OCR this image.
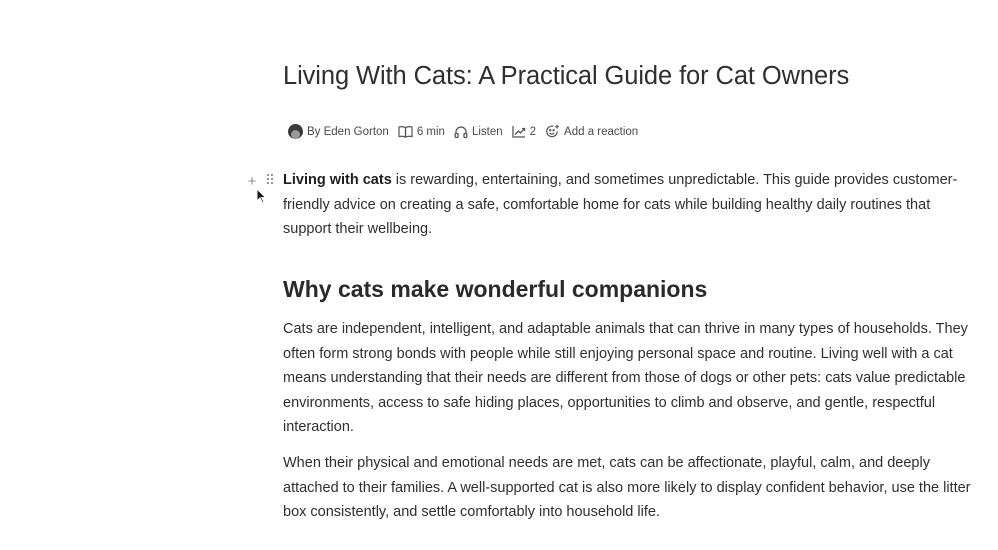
+
Living With Cats: A Practical Guide for Cat Owners
By Eden Gorton 6 min Listen 2 Add a reaction

Living with cats is rewarding, entertaining, and sometimes unpredictable. This guide provides customer-friendly advice on creating a safe, comfortable home for cats while building healthy daily routines that support their wellbeing.

Why cats make wonderful companions

Cats are independent, intelligent, and adaptable animals that can thrive in many types of households. They often form strong bonds with people while still enjoying personal space and routine. Living well with a cat means understanding that their needs are different from those of dogs or other pets: cats value predictable environments, access to safe hiding places, opportunities to climb and observe, and gentle, respectful interaction.

When their physical and emotional needs are met, cats can be affectionate, playful, calm, and deeply attached to their families. A well-supported cat is also more likely to display confident behavior, use the litter box consistently, and settle comfortably into household life.
